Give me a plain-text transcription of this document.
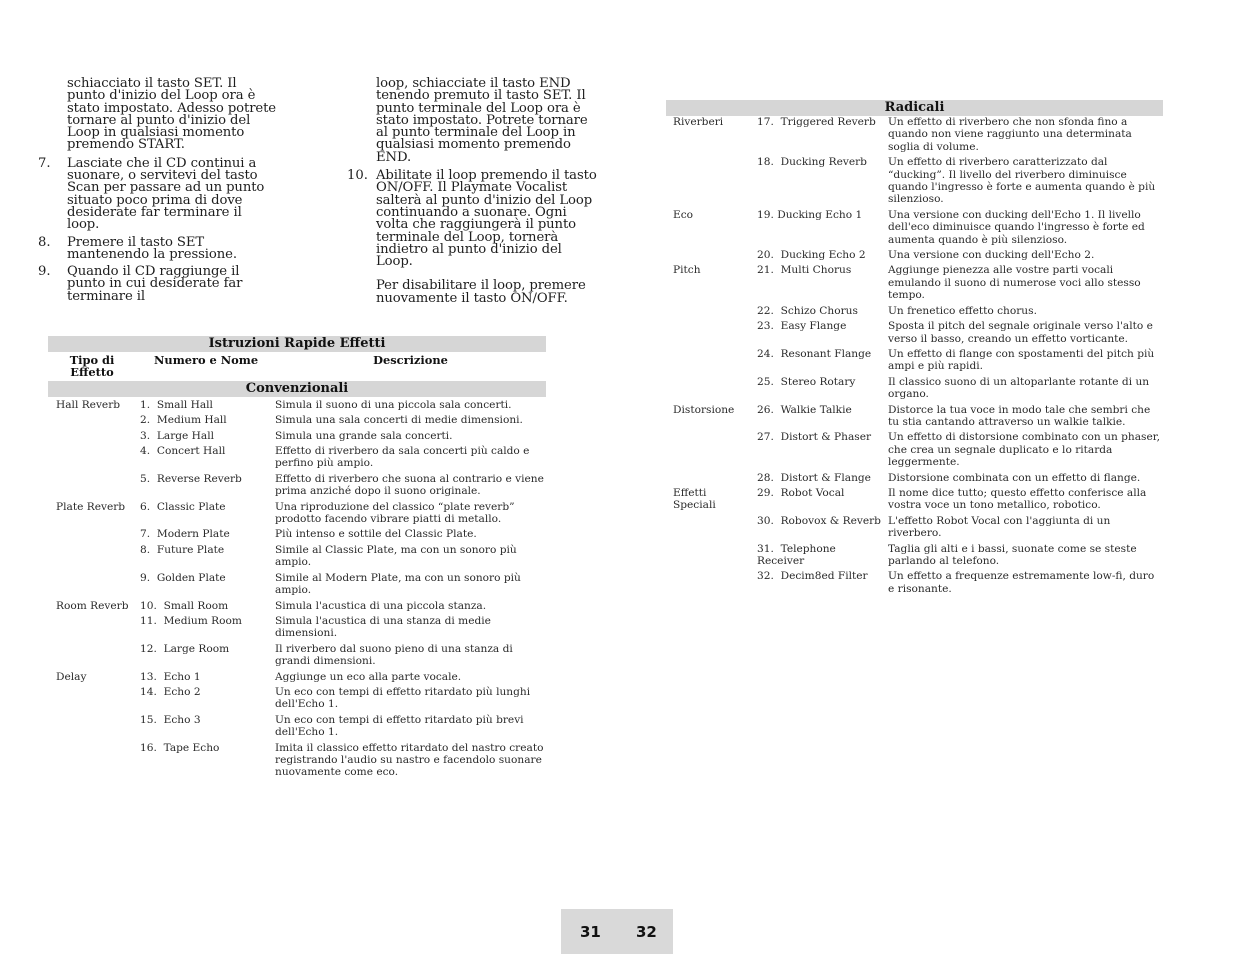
schiacciato il tasto SET. Il punto d'inizio del Loop ora è stato impostato. Adesso potrete tornare al punto d'inizio del Loop in qualsiasi momento premendo START.

7. Lasciate che il CD continui a suonare, o servitevi del tasto Scan per passare ad un punto situato poco prima di dove desiderate far terminare il loop.

8. Premere il tasto SET mantenendo la pressione.

9. Quando il CD raggiunge il punto in cui desiderate far terminare il

loop, schiacciate il tasto END tenendo premuto il tasto SET. Il punto terminale del Loop ora è stato impostato. Potrete tornare al punto terminale del Loop in qualsiasi momento premendo END.

10. Abilitate il loop premendo il tasto ON/OFF. Il Playmate Vocalist salterà al punto d'inizio del Loop continuando a suonare. Ogni volta che raggiungerà il punto terminale del Loop, tornerà indietro al punto d'inizio del Loop.

Per disabilitare il loop, premere nuovamente il tasto ON/OFF.

Istruzioni Rapide Effetti		
Tipo di Effetto	Numero e Nome	Descrizione
Convenzionali		

Hall Reverb	1.  Small Hall	Simula il suono di una piccola sala concerti.
	2.  Medium Hall	Simula una sala concerti di medie dimensioni.
	3.  Large Hall	Simula una grande sala concerti.
	4.  Concert Hall	Effetto di riverbero da sala concerti più caldo e perfino più ampio.
	5.  Reverse Reverb	Effetto di riverbero che suona al contrario e viene prima anziché dopo il suono originale.
Plate Reverb	6.  Classic Plate	Una riproduzione del classico “plate reverb” prodotto facendo vibrare piatti di metallo.
	7.  Modern Plate	Più intenso e sottile del Classic Plate.
	8.  Future Plate	Simile al Classic Plate, ma con un sonoro più ampio.
	9.  Golden Plate	Simile al Modern Plate, ma con un sonoro più ampio.
Room Reverb	10.  Small Room	Simula l'acustica di una piccola stanza.
	11.  Medium Room	Simula l'acustica di una stanza di medie dimensioni.
	12.  Large Room	Il riverbero dal suono pieno di una stanza di grandi dimensioni.
Delay	13.  Echo 1	Aggiunge un eco alla parte vocale.
	14.  Echo 2	Un eco con tempi di effetto ritardato più lunghi dell'Echo 1.
	15.  Echo 3	Un eco con tempi di effetto ritardato più brevi dell'Echo 1.
	16.  Tape Echo	Imita il classico effetto ritardato del nastro creato registrando l'audio su nastro e facendolo suonare nuovamente come eco.
Radicali		
Riverberi	17.  Triggered Reverb	Un effetto di riverbero che non sfonda fino a quando non viene raggiunto una determinata soglia di volume.
	18.  Ducking Reverb	Un effetto di riverbero caratterizzato dal “ducking”. Il livello del riverbero diminuisce quando l'ingresso è forte e aumenta quando è più silenzioso.
Eco	19. Ducking Echo 1	Una versione con ducking dell'Echo 1. Il livello dell'eco diminuisce quando l'ingresso è forte ed aumenta quando è più silenzioso.
	20.  Ducking Echo 2	Una versione con ducking dell'Echo 2.
Pitch	21.  Multi Chorus	Aggiunge pienezza alle vostre parti vocali emulando il suono di numerose voci allo stesso tempo.
	22.  Schizo Chorus	Un frenetico effetto chorus.
	23.  Easy Flange	Sposta il pitch del segnale originale verso l'alto e verso il basso, creando un effetto vorticante.
	24.  Resonant Flange	Un effetto di flange con spostamenti del pitch più ampi e più rapidi.
	25.  Stereo Rotary	Il classico suono di un altoparlante rotante di un organo.
Distorsione	26.  Walkie Talkie	Distorce la tua voce in modo tale che sembri che tu stia cantando attraverso un walkie talkie.
	27.  Distort & Phaser	Un effetto di distorsione combinato con un phaser, che crea un segnale duplicato e lo ritarda leggermente.
	28.  Distort & Flange	Distorsione combinata con un effetto di flange.
Effetti Speciali	29.  Robot Vocal	Il nome dice tutto; questo effetto conferisce alla vostra voce un tono metallico, robotico.
	30.  Robovox & Reverb	L'effetto Robot Vocal con l'aggiunta di un riverbero.
	31.  Telephone Receiver	Taglia gli alti e i bassi, suonate come se steste parlando al telefono.
	32.  Decim8ed Filter	Un effetto a frequenze estremamente low-fi, duro e risonante.
31 32
